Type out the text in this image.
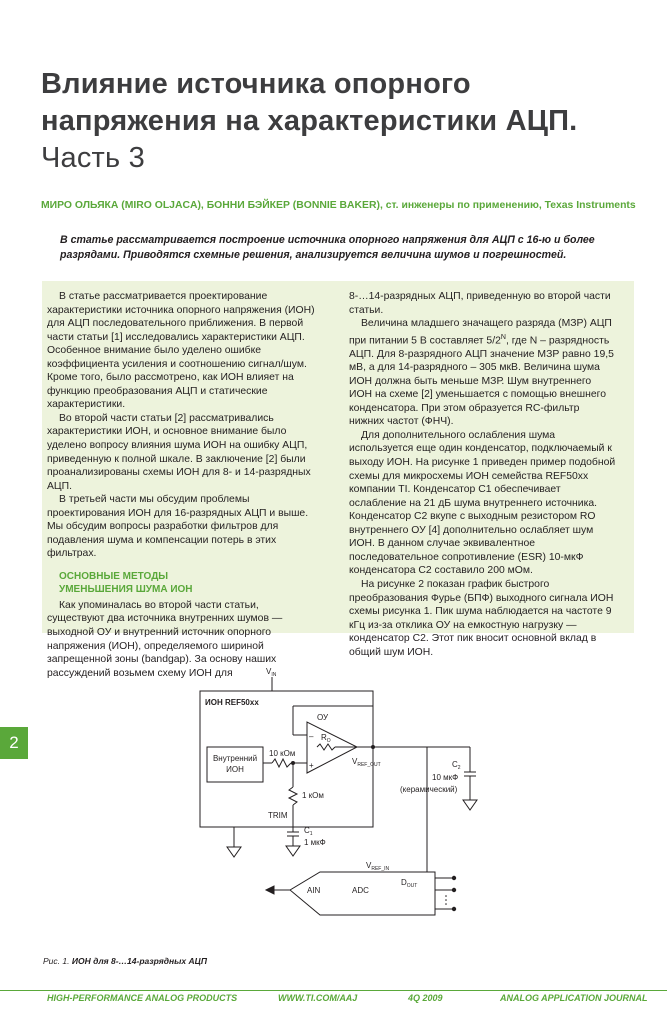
Влияние источника опорного напряжения на характеристики АЦП. Часть 3
МИРО ОЛЬЯКА (MIRO OLJACA), БОННИ БЭЙКЕР (BONNIE BAKER), ст. инженеры по применению, Texas Instruments
В статье рассматривается построение источника опорного напряжения для АЦП с 16-ю и более разрядами. Приводятся схемные решения, анализируется величина шумов и погрешностей.

В статье рассматривается проектирование характеристики источника опорного напряжения (ИОН) для АЦП последовательного приближения. В первой части статьи [1] исследовались характеристики АЦП. Особенное внимание было уделено ошибке коэффициента усиления и соотношению сигнал/шум. Кроме того, было рассмотрено, как ИОН влияет на функцию преобразования АЦП и статические характеристики.

Во второй части статьи [2] рассматривались характеристики ИОН, и основное внимание было уделено вопросу влияния шума ИОН на ошибку АЦП, приведенную к полной шкале. В заключение [2] были проанализированы схемы ИОН для 8- и 14-разрядных АЦП.

В третьей части мы обсудим проблемы проектирования ИОН для 16-разрядных АЦП и выше. Мы обсудим вопросы разработки фильтров для подавления шума и компенсации потерь в этих фильтрах.

ОСНОВНЫЕ МЕТОДЫ
УМЕНЬШЕНИЯ ШУМА ИОН

Как упоминалась во второй части статьи, существуют два источника внутренних шумов — выходной ОУ и внутренний источник опорного напряжения (ИОН), определяемого шириной запрещенной зоны (bandgap). За основу наших рассуждений возьмем схему ИОН для

8-…14-разрядных АЦП, приведенную во второй части статьи.

Величина младшего значащего разряда (МЗР) АЦП при питании 5 В составляет $5/2^N$, где N – разрядность АЦП. Для 8-разрядного АЦП значение МЗР равно 19,5 мВ, а для 14-разрядного – 305 мкВ. Величина шума ИОН должна быть меньше МЗР. Шум внутреннего ИОН на схеме [2] уменьшается с помощью внешнего конденсатора. При этом образуется RC-фильтр нижних частот (ФНЧ).

Для дополнительного ослабления шума используется еще один конденсатор, подключаемый к выходу ИОН. На рисунке 1 приведен пример подобной схемы для микросхемы ИОН семейства REF50xx компании TI. Конденсатор С1 обеспечивает ослабление на 21 дБ шума внутреннего источника. Конденсатор С2 вкупе с выходным резистором RO внутреннего ОУ [4] дополнительно ослабляет шум ИОН. В данном случае эквивалентное последовательное сопротивление (ESR) 10-мкФ конденсатора С2 составило 200 мОм.

На рисунке 2 показан график быстрого преобразования Фурье (БПФ) выходного сигнала ИОН схемы рисунка 1. Пик шума наблюдается на частоте 9 кГц из-за отклика ОУ на емкостную нагрузку — конденсатор С2. Этот пик вносит основной вклад в общий шум ИОН.

2
$V_{IN}$
ИОН REF50xx
ОУ
–
+
$R_O$
Внутренний
ИОН
10 кОм
1 кОм
$V_{REF\_OUT}$	$C_2$
10 мкФ
(керамический)
TRIM
$C_1$
1 мкФ
$V_{REF\_IN}$
AIN	ADC
$D_{OUT}$
Рис. 1. ИОН для 8-…14-разрядных АЦП
HIGH-PERFORMANCE ANALOG PRODUCTS	WWW.TI.COM/AAJ	4Q 2009	ANALOG APPLICATION JOURNAL
